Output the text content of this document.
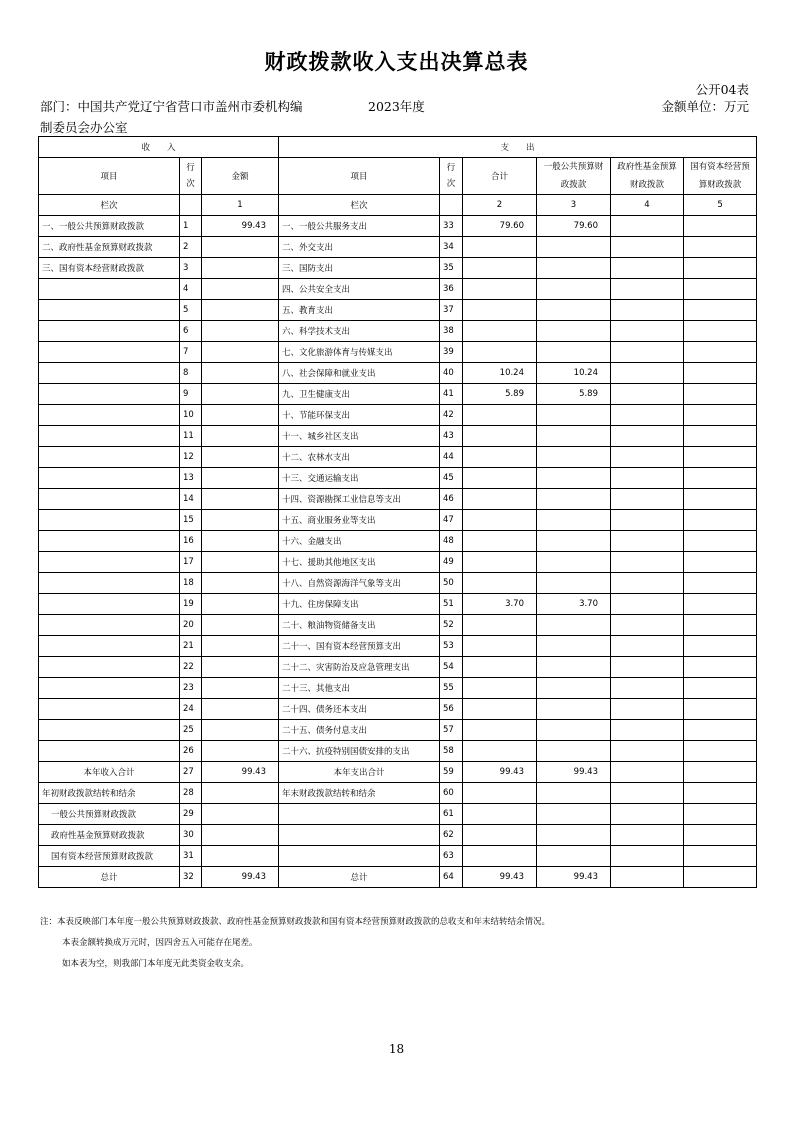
财政拨款收入支出决算总表
公开04表
部门：中国共产党辽宁省营口市盖州市委机构编
制委员会办公室
2023年度	金额单位：万元
收　　入			支　　出					
项目	行次	金额	项目	行次	合计	一般公共预算财政拨款	政府性基金预算财政拨款	国有资本经营预算财政拨款
栏次		1	栏次		2	3	4	5
一、一般公共预算财政拨款	1	99.43	一、一般公共服务支出	33	79.60	79.60		
二、政府性基金预算财政拨款	2		二、外交支出	34				
三、国有资本经营财政拨款	3		三、国防支出	35				
	4		四、公共安全支出	36				
	5		五、教育支出	37				
	6		六、科学技术支出	38				
	7		七、文化旅游体育与传媒支出	39				
	8		八、社会保障和就业支出	40	10.24	10.24		
	9		九、卫生健康支出	41	5.89	5.89		
	10		十、节能环保支出	42				
	11		十一、城乡社区支出	43				
	12		十二、农林水支出	44				
	13		十三、交通运输支出	45				
	14		十四、资源勘探工业信息等支出	46				
	15		十五、商业服务业等支出	47				
	16		十六、金融支出	48				
	17		十七、援助其他地区支出	49				
	18		十八、自然资源海洋气象等支出	50				
	19		十九、住房保障支出	51	3.70	3.70		
	20		二十、粮油物资储备支出	52				
	21		二十一、国有资本经营预算支出	53				
	22		二十二、灾害防治及应急管理支出	54				
	23		二十三、其他支出	55				
	24		二十四、债务还本支出	56				
	25		二十五、债务付息支出	57				
	26		二十六、抗疫特别国债安排的支出	58				
本年收入合计	27	99.43	本年支出合计	59	99.43	99.43		
年初财政拨款结转和结余	28		年末财政拨款结转和结余	60				
一般公共预算财政拨款	29			61				
政府性基金预算财政拨款	30			62				
国有资本经营预算财政拨款	31			63				
总计	32	99.43	总计	64	99.43	99.43		
注：本表反映部门本年度一般公共预算财政拨款、政府性基金预算财政拨款和国有资本经营预算财政拨款的总收支和年末结转结余情况。
本表金额转换成万元时，因四舍五入可能存在尾差。
如本表为空，则我部门本年度无此类资金收支余。
18
